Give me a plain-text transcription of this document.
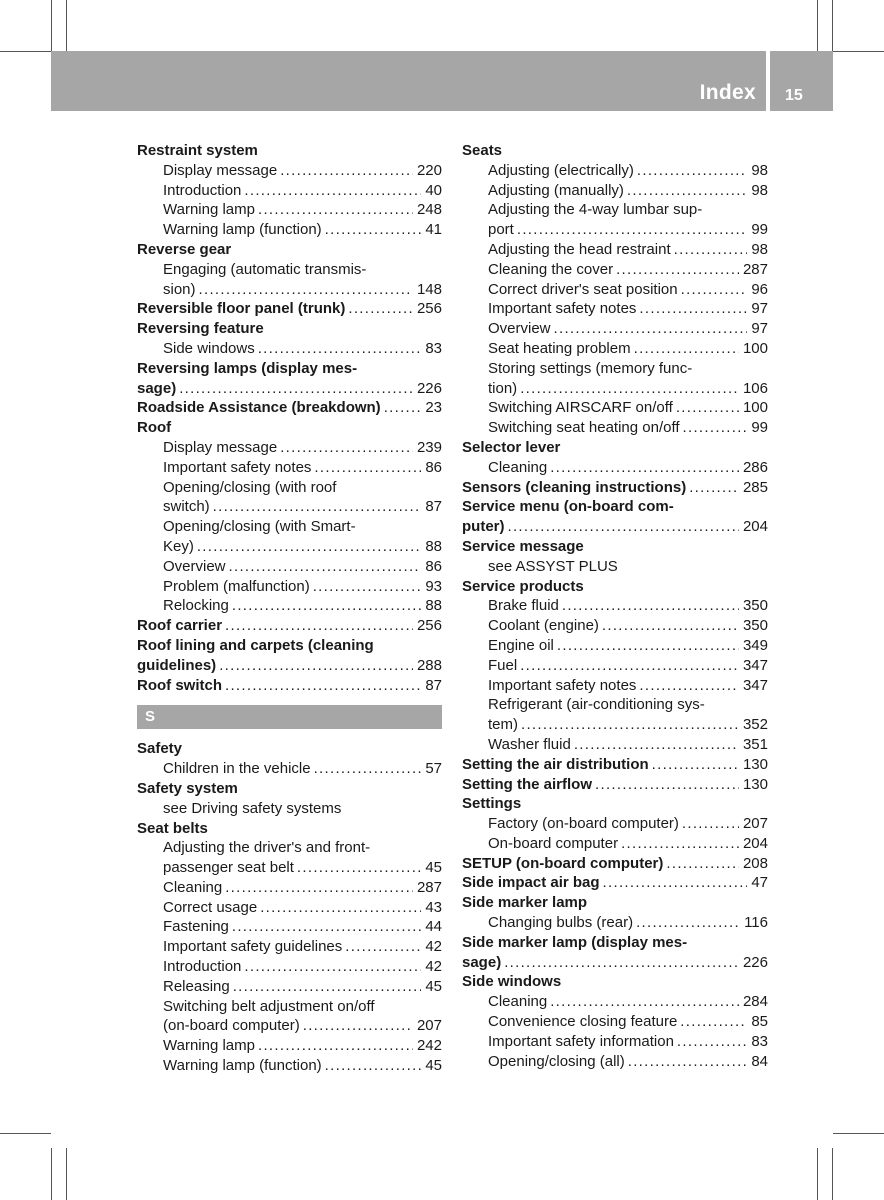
Index 15
Restraint system
Display message .....	220
Introduction .....	40
Warning lamp .....	248
Warning lamp (function) .....	41
Reverse gear
Engaging (automatic transmis-
sion) .....	148
Reversible floor panel (trunk) .....	256
Reversing feature
Side windows .....	83
Reversing lamps (display mes-
sage) .....	226
Roadside Assistance (breakdown) .....	23
Roof
Display message .....	239
Important safety notes .....	86
Opening/closing (with roof
switch) .....	87
Opening/closing (with Smart-
Key) .....	88
Overview .....	86
Problem (malfunction) .....	93
Relocking .....	88
Roof carrier .....	256
Roof lining and carpets (cleaning
guidelines) .....	288
Roof switch .....	87
S
Safety
Children in the vehicle .....	57
Safety system
see Driving safety systems
Seat belts
Adjusting the driver's and front-
passenger seat belt .....	45
Cleaning .....	287
Correct usage .....	43
Fastening .....	44
Important safety guidelines .....	42
Introduction .....	42
Releasing .....	45
Switching belt adjustment on/off
(on-board computer) .....	207
Warning lamp .....	242
Warning lamp (function) .....	45
Seats
Adjusting (electrically) .....	98
Adjusting (manually) .....	98
Adjusting the 4-way lumbar sup-
port .....	99
Adjusting the head restraint .....	98
Cleaning the cover .....	287
Correct driver's seat position .....	96
Important safety notes .....	97
Overview .....	97
Seat heating problem .....	100
Storing settings (memory func-
tion) .....	106
Switching AIRSCARF on/off .....	100
Switching seat heating on/off .....	99
Selector lever
Cleaning .....	286
Sensors (cleaning instructions) .....	285
Service menu (on-board com-
puter) .....	204
Service message
see ASSYST PLUS
Service products
Brake fluid .....	350
Coolant (engine) .....	350
Engine oil .....	349
Fuel .....	347
Important safety notes .....	347
Refrigerant (air-conditioning sys-
tem) .....	352
Washer fluid .....	351
Setting the air distribution .....	130
Setting the airflow .....	130
Settings
Factory (on-board computer) .....	207
On-board computer .....	204
SETUP (on-board computer) .....	208
Side impact air bag .....	47
Side marker lamp
Changing bulbs (rear) .....	116
Side marker lamp (display mes-
sage) .....	226
Side windows
Cleaning .....	284
Convenience closing feature .....	85
Important safety information .....	83
Opening/closing (all) .....	84
